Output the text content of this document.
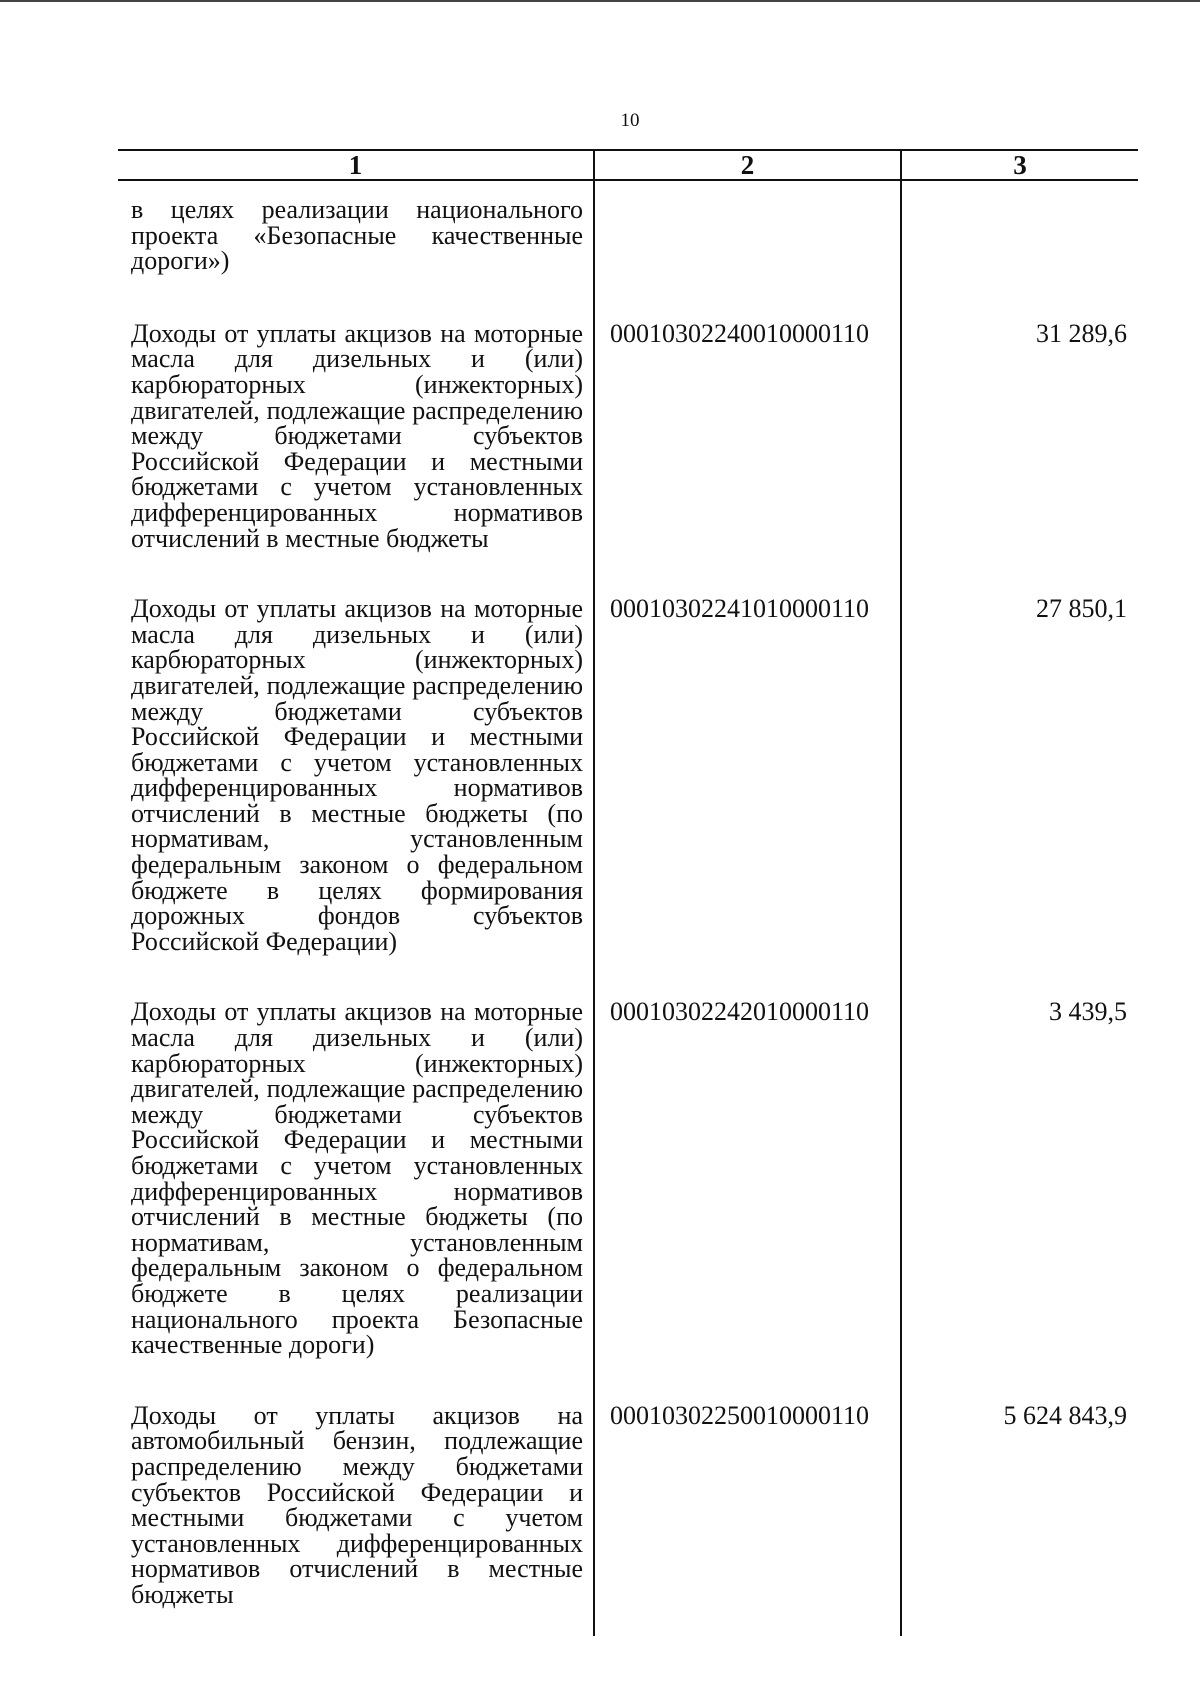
10
1	2	3

в целях реализации национального проекта «Безопасные качественные дороги»)		

Доходы от уплаты акцизов на моторные масла для дизельных и (или) карбюраторных (инжекторных) двигателей, подлежащие распределению между бюджетами субъектов Российской Федерации и местными бюджетами с учетом установленных дифференцированных нормативов отчислений в местные бюджеты	00010302240010000110	31 289,6

Доходы от уплаты акцизов на моторные масла для дизельных и (или) карбюраторных (инжекторных) двигателей, подлежащие распределению между бюджетами субъектов Российской Федерации и местными бюджетами с учетом установленных дифференцированных нормативов отчислений в местные бюджеты (по нормативам, установленным федеральным законом о федеральном бюджете в целях формирования дорожных фондов субъектов Российской Федерации)	00010302241010000110	27 850,1

Доходы от уплаты акцизов на моторные масла для дизельных и (или) карбюраторных (инжекторных) двигателей, подлежащие распределению между бюджетами субъектов Российской Федерации и местными бюджетами с учетом установленных дифференцированных нормативов отчислений в местные бюджеты (по нормативам, установленным федеральным законом о федеральном бюджете в целях реализации национального проекта Безопасные качественные дороги)	00010302242010000110	3 439,5

Доходы от уплаты акцизов на автомобильный бензин, подлежащие распределению между бюджетами субъектов Российской Федерации и местными бюджетами с учетом установленных дифференцированных нормативов отчислений в местные бюджеты	00010302250010000110	5 624 843,9
